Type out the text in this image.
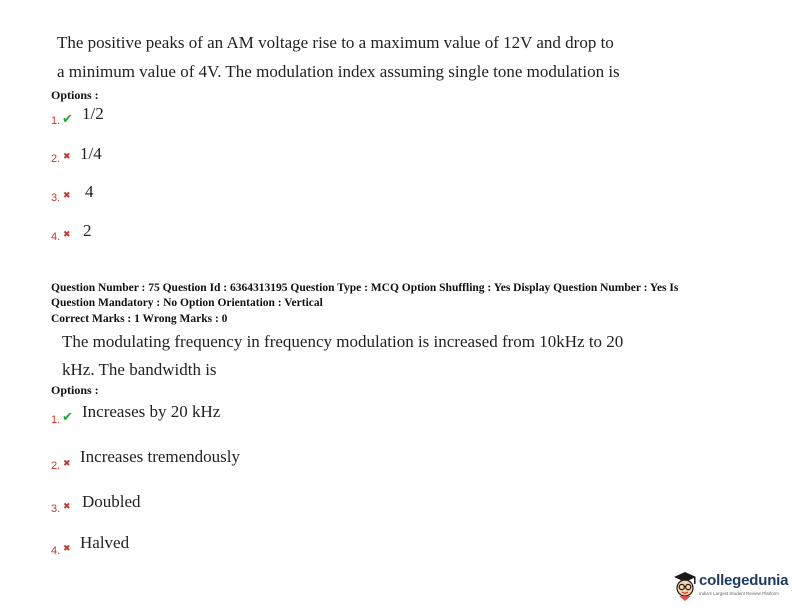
The positive peaks of an AM voltage rise to a maximum value of 12V and drop to
a minimum value of 4V. The modulation index assuming single tone modulation is
Options :
1. ✔ 1/2
2. ✖ 1/4
3. ✖ 4
4. ✖ 2
Question Number : 75 Question Id : 6364313195 Question Type : MCQ Option Shuffling : Yes Display Question Number : Yes Is
Question Mandatory : No Option Orientation : Vertical
Correct Marks : 1 Wrong Marks : 0
The modulating frequency in frequency modulation is increased from 10kHz to 20
kHz. The bandwidth is
Options :
1. ✔ Increases by 20 kHz
2. ✖ Increases tremendously
3. ✖ Doubled
4. ✖ Halved
collegedunia
India's Largest Student Review Platform
